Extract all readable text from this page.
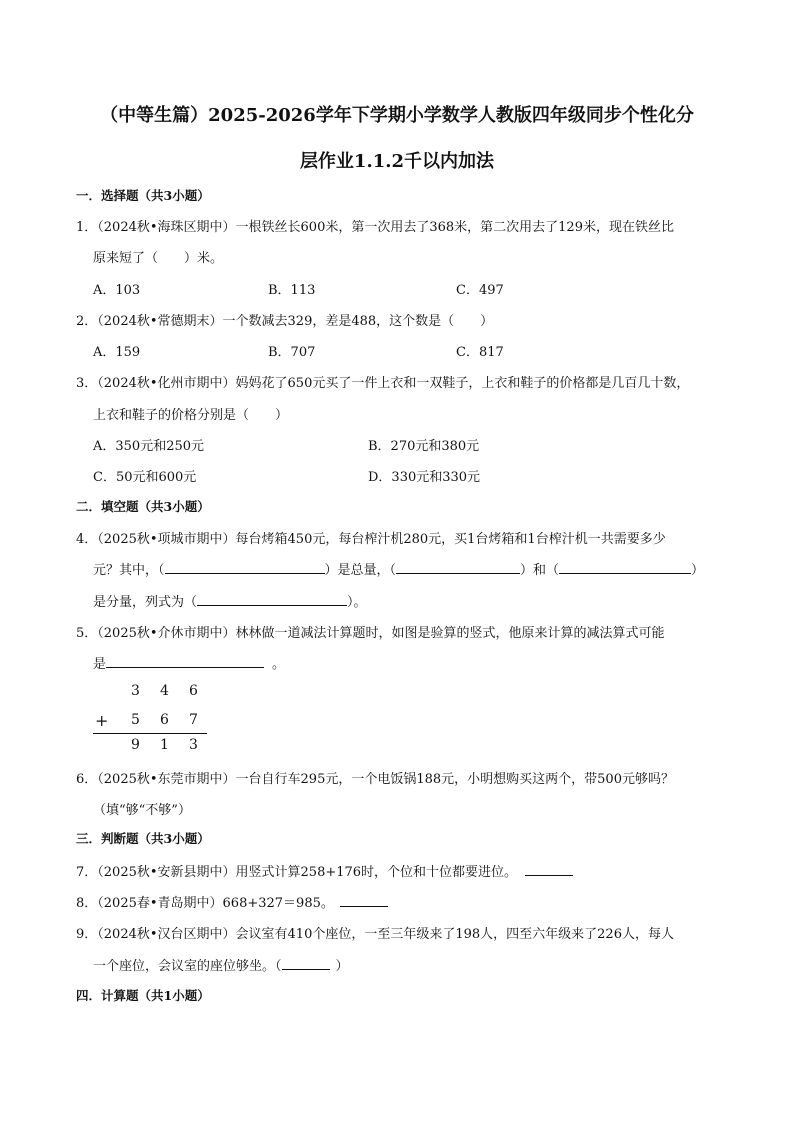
（中等生篇）2025-2026学年下学期小学数学人教版四年级同步个性化分
层作业1.1.2千以内加法
一．选择题（共3小题）
1．（2024秋•海珠区期中）一根铁丝长600米，第一次用去了368米，第二次用去了129米，现在铁丝比
原来短了（　　）米。
A．103	B．113	C．497
2．（2024秋•常德期末）一个数减去329，差是488，这个数是（　　）
A．159	B．707	C．817
3．（2024秋•化州市期中）妈妈花了650元买了一件上衣和一双鞋子，上衣和鞋子的价格都是几百几十数，
上衣和鞋子的价格分别是（　　）
A．350元和250元	B．270元和380元
C．50元和600元	D．330元和330元
二．填空题（共3小题）
4．（2025秋•项城市期中）每台烤箱450元，每台榨汁机280元，买1台烤箱和1台榨汁机一共需要多少
元？其中，（	）是总量，（	）和（	）
是分量，列式为（	）。
5．（2025秋•介休市期中）林林做一道减法计算题时，如图是验算的竖式，他原来计算的减法算式可能
是	。
3 4 6
+ 5 6 7
9 1 3
6．（2025秋•东莞市期中）一台自行车295元，一个电饭锅188元，小明想购买这两个，带500元够吗？
（填“够“不够”）
三．判断题（共3小题）
7．（2025秋•安新县期中）用竖式计算258+176时，个位和十位都要进位。
8．（2025春•青岛期中）668+327＝985。
9．（2024秋•汉台区期中）会议室有410个座位，一至三年级来了198人，四至六年级来了226人，每人
一个座位，会议室的座位够坐。（	）
四．计算题（共1小题）
